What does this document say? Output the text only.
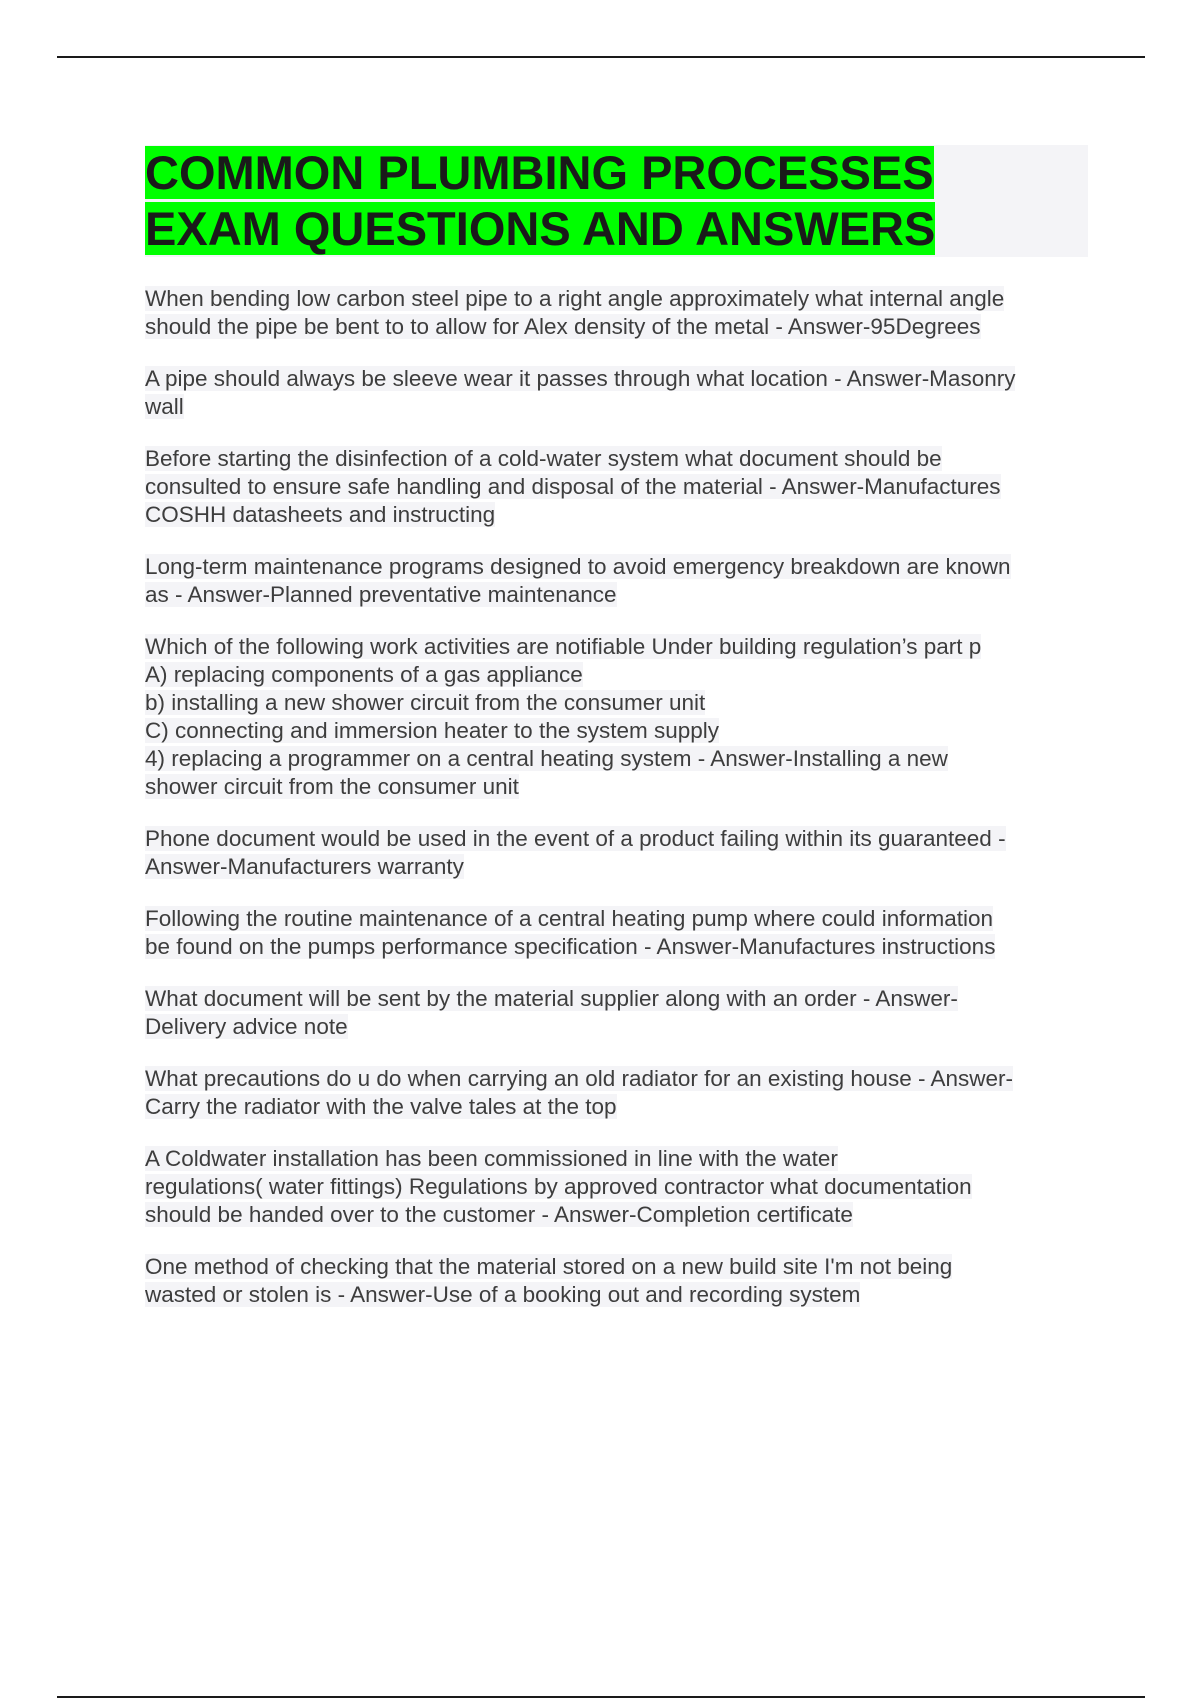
COMMON PLUMBING PROCESSES
EXAM QUESTIONS AND ANSWERS

When bending low carbon steel pipe to a right angle approximately what internal angle
should the pipe be bent to to allow for Alex density of the metal - Answer-95Degrees

A pipe should always be sleeve wear it passes through what location - Answer-Masonry
wall

Before starting the disinfection of a cold-water system what document should be
consulted to ensure safe handling and disposal of the material - Answer-Manufactures
COSHH datasheets and instructing

Long-term maintenance programs designed to avoid emergency breakdown are known
as - Answer-Planned preventative maintenance

Which of the following work activities are notifiable Under building regulation’s part p
A) replacing components of a gas appliance
b) installing a new shower circuit from the consumer unit
C) connecting and immersion heater to the system supply
4) replacing a programmer on a central heating system - Answer-Installing a new
shower circuit from the consumer unit

Phone document would be used in the event of a product failing within its guaranteed -
Answer-Manufacturers warranty

Following the routine maintenance of a central heating pump where could information
be found on the pumps performance specification - Answer-Manufactures instructions

What document will be sent by the material supplier along with an order - Answer-
Delivery advice note

What precautions do u do when carrying an old radiator for an existing house - Answer-
Carry the radiator with the valve tales at the top

A Coldwater installation has been commissioned in line with the water
regulations( water fittings) Regulations by approved contractor what documentation
should be handed over to the customer - Answer-Completion certificate

One method of checking that the material stored on a new build site I'm not being
wasted or stolen is - Answer-Use of a booking out and recording system
